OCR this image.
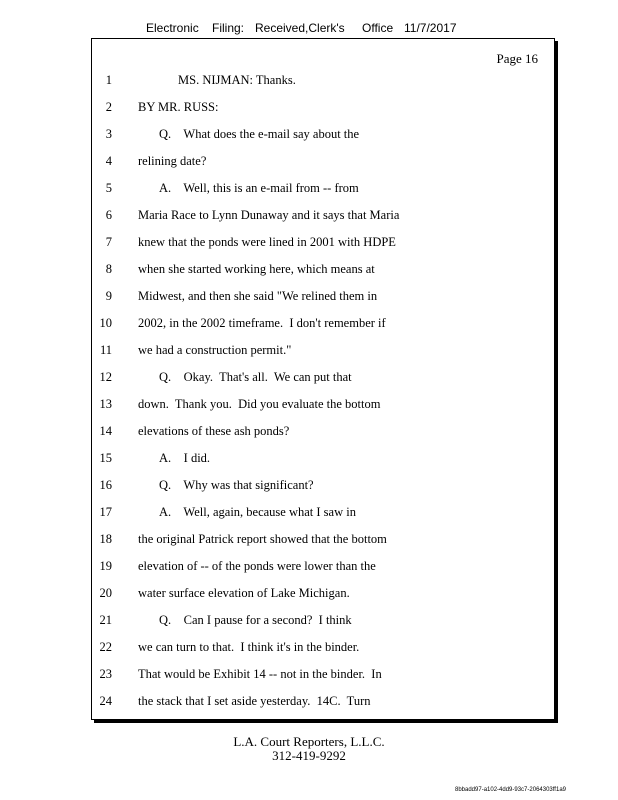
Electronic Filing: Received,Clerk's Office 11/7/2017
Page 16
1	MS. NIJMAN: Thanks.
2 BY MR. RUSS:
3	Q.    What does the e-mail say about the
4 relining date?
5	A.    Well, this is an e-mail from -- from
6 Maria Race to Lynn Dunaway and it says that Maria
7 knew that the ponds were lined in 2001 with HDPE
8 when she started working here, which means at
9 Midwest, and then she said "We relined them in
10 2002, in the 2002 timeframe.  I don't remember if
11 we had a construction permit."
12	Q.    Okay.  That's all.  We can put that
13 down.  Thank you.  Did you evaluate the bottom
14 elevations of these ash ponds?
15	A.    I did.
16	Q.    Why was that significant?
17	A.    Well, again, because what I saw in
18 the original Patrick report showed that the bottom
19 elevation of -- of the ponds were lower than the
20 water surface elevation of Lake Michigan.
21	Q.    Can I pause for a second?  I think
22 we can turn to that.  I think it's in the binder.
23 That would be Exhibit 14 -- not in the binder.  In
24 the stack that I set aside yesterday.  14C.  Turn
L.A. Court Reporters, L.L.C.
312-419-9292
8bbadd97-a102-4dd9-93c7-2064303ff1a9
